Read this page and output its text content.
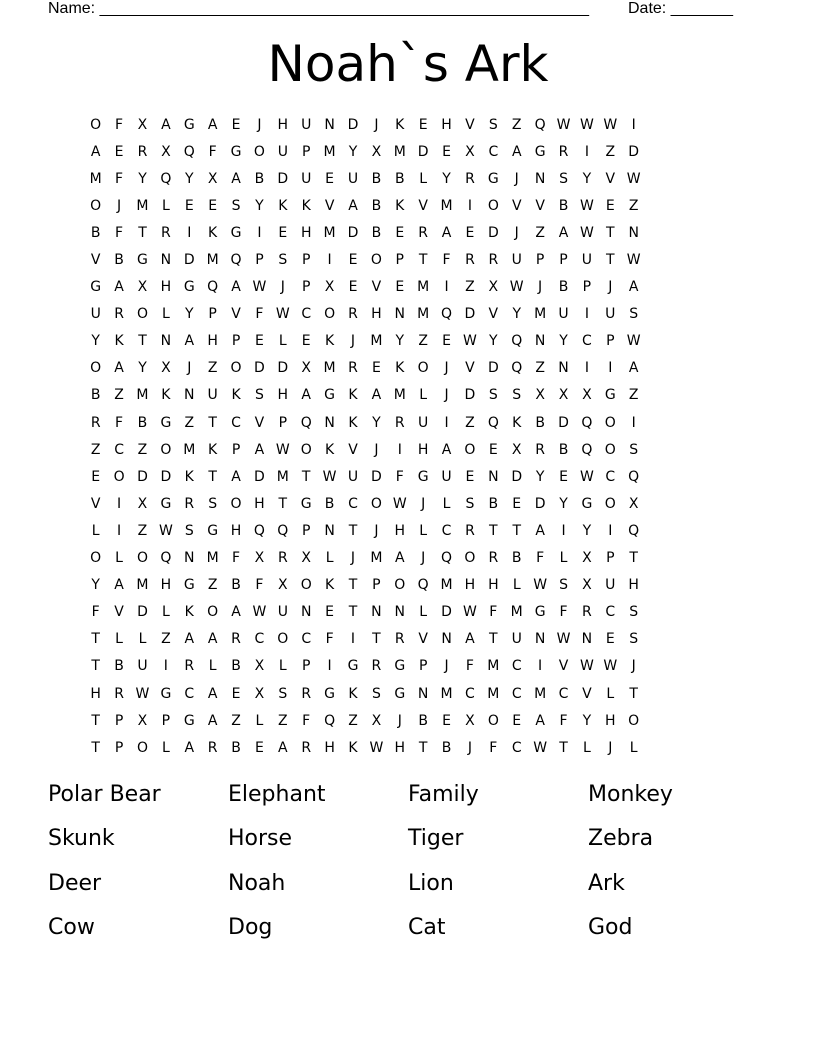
Name: _______________________________________________________ Date: _______
Noah`s Ark
O F	X A G A	E	J	H U N D	J	K	E H V	S	Z Q W W W	I
A	E	R X Q F G O U	P M Y	X M D E	X C A G R	I	Z D
M F	Y Q Y	X A B D U E U B B	L	Y	R G	J	N S	Y	V W
O	J	M L	E	E	S	Y	K	K	V A B K	V M	I	O V V B W E	Z
B	F	T	R	I	K G	I	E H M D B	E	R A	E D	J	Z A W T N
V B G N D M Q P	S	P	I	E O P	T	F	R R U	P	P	U T W
G A X H G Q A W	J	P	X	E	V	E M	I	Z X W	J	B	P	J	A
U R O L	Y	P	V	F W C O R H N M Q D V	Y M U	I	U S
Y	K	T N A H P	E	L	E	K	J	M Y	Z	E W Y Q N Y	C	P W
O A	Y	X	J	Z O D D X M R	E	K O	J	V D Q Z N	I	I	A
B Z M K N U K	S H A G K	A M L	J	D S	S	X X X G Z
R	F	B G Z	T	C V	P Q N K	Y	R U	I	Z Q K	B D Q O	I
Z C Z O M K	P	A W O K	V	J	I	H A O E	X R B Q O S
E O D D K	T	A D M T W U D F G U E N D Y	E W C Q
V	I	X G R	S O H T G B C O W	J	L	S	B	E D Y G O X
L	I	Z W S G H Q Q P N T	J	H	L	C R	T	T	A	I	Y	I	Q
O L O Q N M F	X R X	L	J	M A	J	Q O R B	F	L	X	P	T
Y	A M H G Z B	F	X O K	T	P O Q M H H	L W S	X U H
F	V D	L	K O A W U N E	T N N	L	D W F M G F	R C	S
T	L	L	Z A A R C O C	F	I	T	R V N A	T U N W N E	S
T	B U	I	R	L	B X	L	P	I	G R G P	J	F M C	I	V W W	J
H R W G C A	E	X	S	R G K	S G N M C M C M C V	L	T
T	P	X	P G A Z	L	Z	F Q Z X	J	B	E	X O E	A	F	Y H O
T	P O L	A R B	E	A R H K W H T	B	J	F	C W T	L	J	L
Polar Bear	Elephant	Family	Monkey
Skunk	Horse	Tiger	Zebra
Deer	Noah	Lion	Ark
Cow	Dog	Cat	God
